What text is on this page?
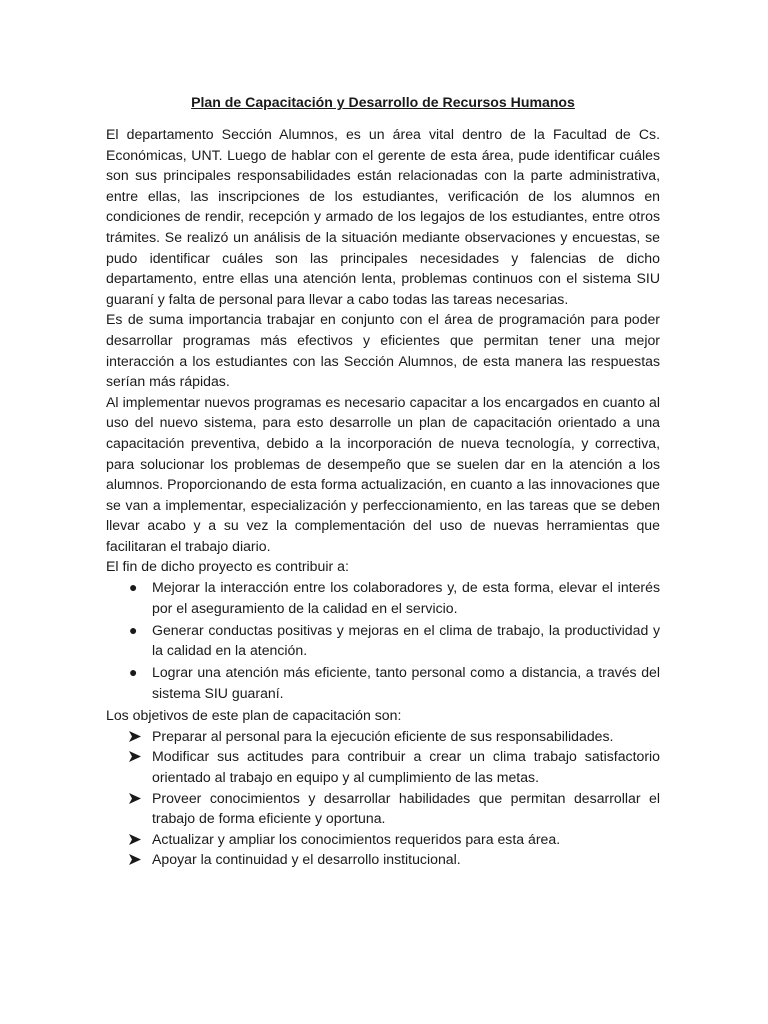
Plan de Capacitación y Desarrollo de Recursos Humanos

El departamento Sección Alumnos, es un área vital dentro de la Facultad de Cs. Económicas, UNT. Luego de hablar con el gerente de esta área, pude identificar cuáles son sus principales responsabilidades están relacionadas con la parte administrativa, entre ellas, las inscripciones de los estudiantes, verificación de los alumnos en condiciones de rendir, recepción y armado de los legajos de los estudiantes, entre otros trámites. Se realizó un análisis de la situación mediante observaciones y encuestas, se pudo identificar cuáles son las principales necesidades y falencias de dicho departamento, entre ellas una atención lenta, problemas continuos con el sistema SIU guaraní y falta de personal para llevar a cabo todas las tareas necesarias.

Es de suma importancia trabajar en conjunto con el área de programación para poder desarrollar programas más efectivos y eficientes que permitan tener una mejor interacción a los estudiantes con las Sección Alumnos, de esta manera las respuestas serían más rápidas.

Al implementar nuevos programas es necesario capacitar a los encargados en cuanto al uso del nuevo sistema, para esto desarrolle un plan de capacitación orientado a una capacitación preventiva, debido a la incorporación de nueva tecnología, y correctiva, para solucionar los problemas de desempeño que se suelen dar en la atención a los alumnos. Proporcionando de esta forma actualización, en cuanto a las innovaciones que se van a implementar, especialización y perfeccionamiento, en las tareas que se deben llevar acabo y a su vez la complementación del uso de nuevas herramientas que facilitaran el trabajo diario.

El fin de dicho proyecto es contribuir a:

● Mejorar la interacción entre los colaboradores y, de esta forma, elevar el interés por el aseguramiento de la calidad en el servicio.
● Generar conductas positivas y mejoras en el clima de trabajo, la productividad y la calidad en la atención.
● Lograr una atención más eficiente, tanto personal como a distancia, a través del sistema SIU guaraní.

Los objetivos de este plan de capacitación son:

Preparar al personal para la ejecución eficiente de sus responsabilidades.
Modificar sus actitudes para contribuir a crear un clima trabajo satisfactorio orientado al trabajo en equipo y al cumplimiento de las metas.
Proveer conocimientos y desarrollar habilidades que permitan desarrollar el trabajo de forma eficiente y oportuna.
Actualizar y ampliar los conocimientos requeridos para esta área.
Apoyar la continuidad y el desarrollo institucional.
